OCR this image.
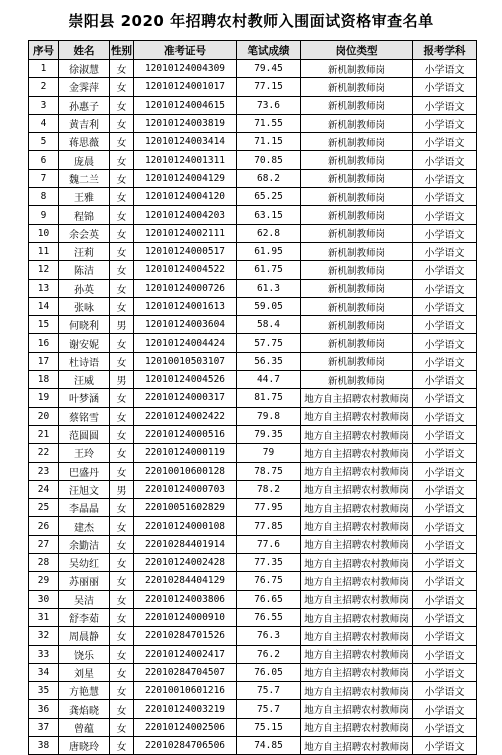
崇阳县 2020 年招聘农村教师入围面试资格审查名单
序号	姓名	性别	准考证号	笔试成绩	岗位类型	报考学科
1	徐淑慧	女	12010124004309	79.45	新机制教师岗	小学语文
2	金霁萍	女	12010124001017	77.15	新机制教师岗	小学语文
3	孙惠子	女	12010124004615	73.6	新机制教师岗	小学语文
4	黄吉利	女	12010124003819	71.55	新机制教师岗	小学语文
5	蒋思薇	女	12010124003414	71.15	新机制教师岗	小学语文
6	庞晨	女	12010124001311	70.85	新机制教师岗	小学语文
7	魏二兰	女	12010124004129	68.2	新机制教师岗	小学语文
8	王雅	女	12010124004120	65.25	新机制教师岗	小学语文
9	程锦	女	12010124004203	63.15	新机制教师岗	小学语文
10	余会英	女	12010124002111	62.8	新机制教师岗	小学语文
11	汪莉	女	12010124000517	61.95	新机制教师岗	小学语文
12	陈洁	女	12010124004522	61.75	新机制教师岗	小学语文
13	孙英	女	12010124000726	61.3	新机制教师岗	小学语文
14	张咏	女	12010124001613	59.05	新机制教师岗	小学语文
15	何晓利	男	12010124003604	58.4	新机制教师岗	小学语文
16	谢安妮	女	12010124004424	57.75	新机制教师岗	小学语文
17	杜诗语	女	12010010503107	56.35	新机制教师岗	小学语文
18	汪威	男	12010124004526	44.7	新机制教师岗	小学语文
19	叶梦涵	女	22010124000317	81.75	地方自主招聘农村教师岗	小学语文
20	蔡铭雪	女	22010124002422	79.8	地方自主招聘农村教师岗	小学语文
21	范圆圆	女	22010124000516	79.35	地方自主招聘农村教师岗	小学语文
22	王玲	女	22010124000119	79	地方自主招聘农村教师岗	小学语文
23	巴盛丹	女	22010010600128	78.75	地方自主招聘农村教师岗	小学语文
24	汪旭文	男	22010124000703	78.2	地方自主招聘农村教师岗	小学语文
25	李晶晶	女	22010051602829	77.95	地方自主招聘农村教师岗	小学语文
26	建杰	女	22010124000108	77.85	地方自主招聘农村教师岗	小学语文
27	余勤洁	女	22010284401914	77.6	地方自主招聘农村教师岗	小学语文
28	吴幼红	女	22010124002428	77.35	地方自主招聘农村教师岗	小学语文
29	苏丽丽	女	22010284404129	76.75	地方自主招聘农村教师岗	小学语文
30	吴洁	女	22010124003806	76.65	地方自主招聘农村教师岗	小学语文
31	舒李茹	女	22010124000910	76.55	地方自主招聘农村教师岗	小学语文
32	周晨静	女	22010284701526	76.3	地方自主招聘农村教师岗	小学语文
33	饶乐	女	22010124002417	76.2	地方自主招聘农村教师岗	小学语文
34	刘星	女	22010284704507	76.05	地方自主招聘农村教师岗	小学语文
35	方艳慧	女	22010010601216	75.7	地方自主招聘农村教师岗	小学语文
36	龚焰晓	女	22010124003219	75.7	地方自主招聘农村教师岗	小学语文
37	曾蕴	女	22010124002506	75.15	地方自主招聘农村教师岗	小学语文
38	唐晓玲	女	22010284706506	74.85	地方自主招聘农村教师岗	小学语文
